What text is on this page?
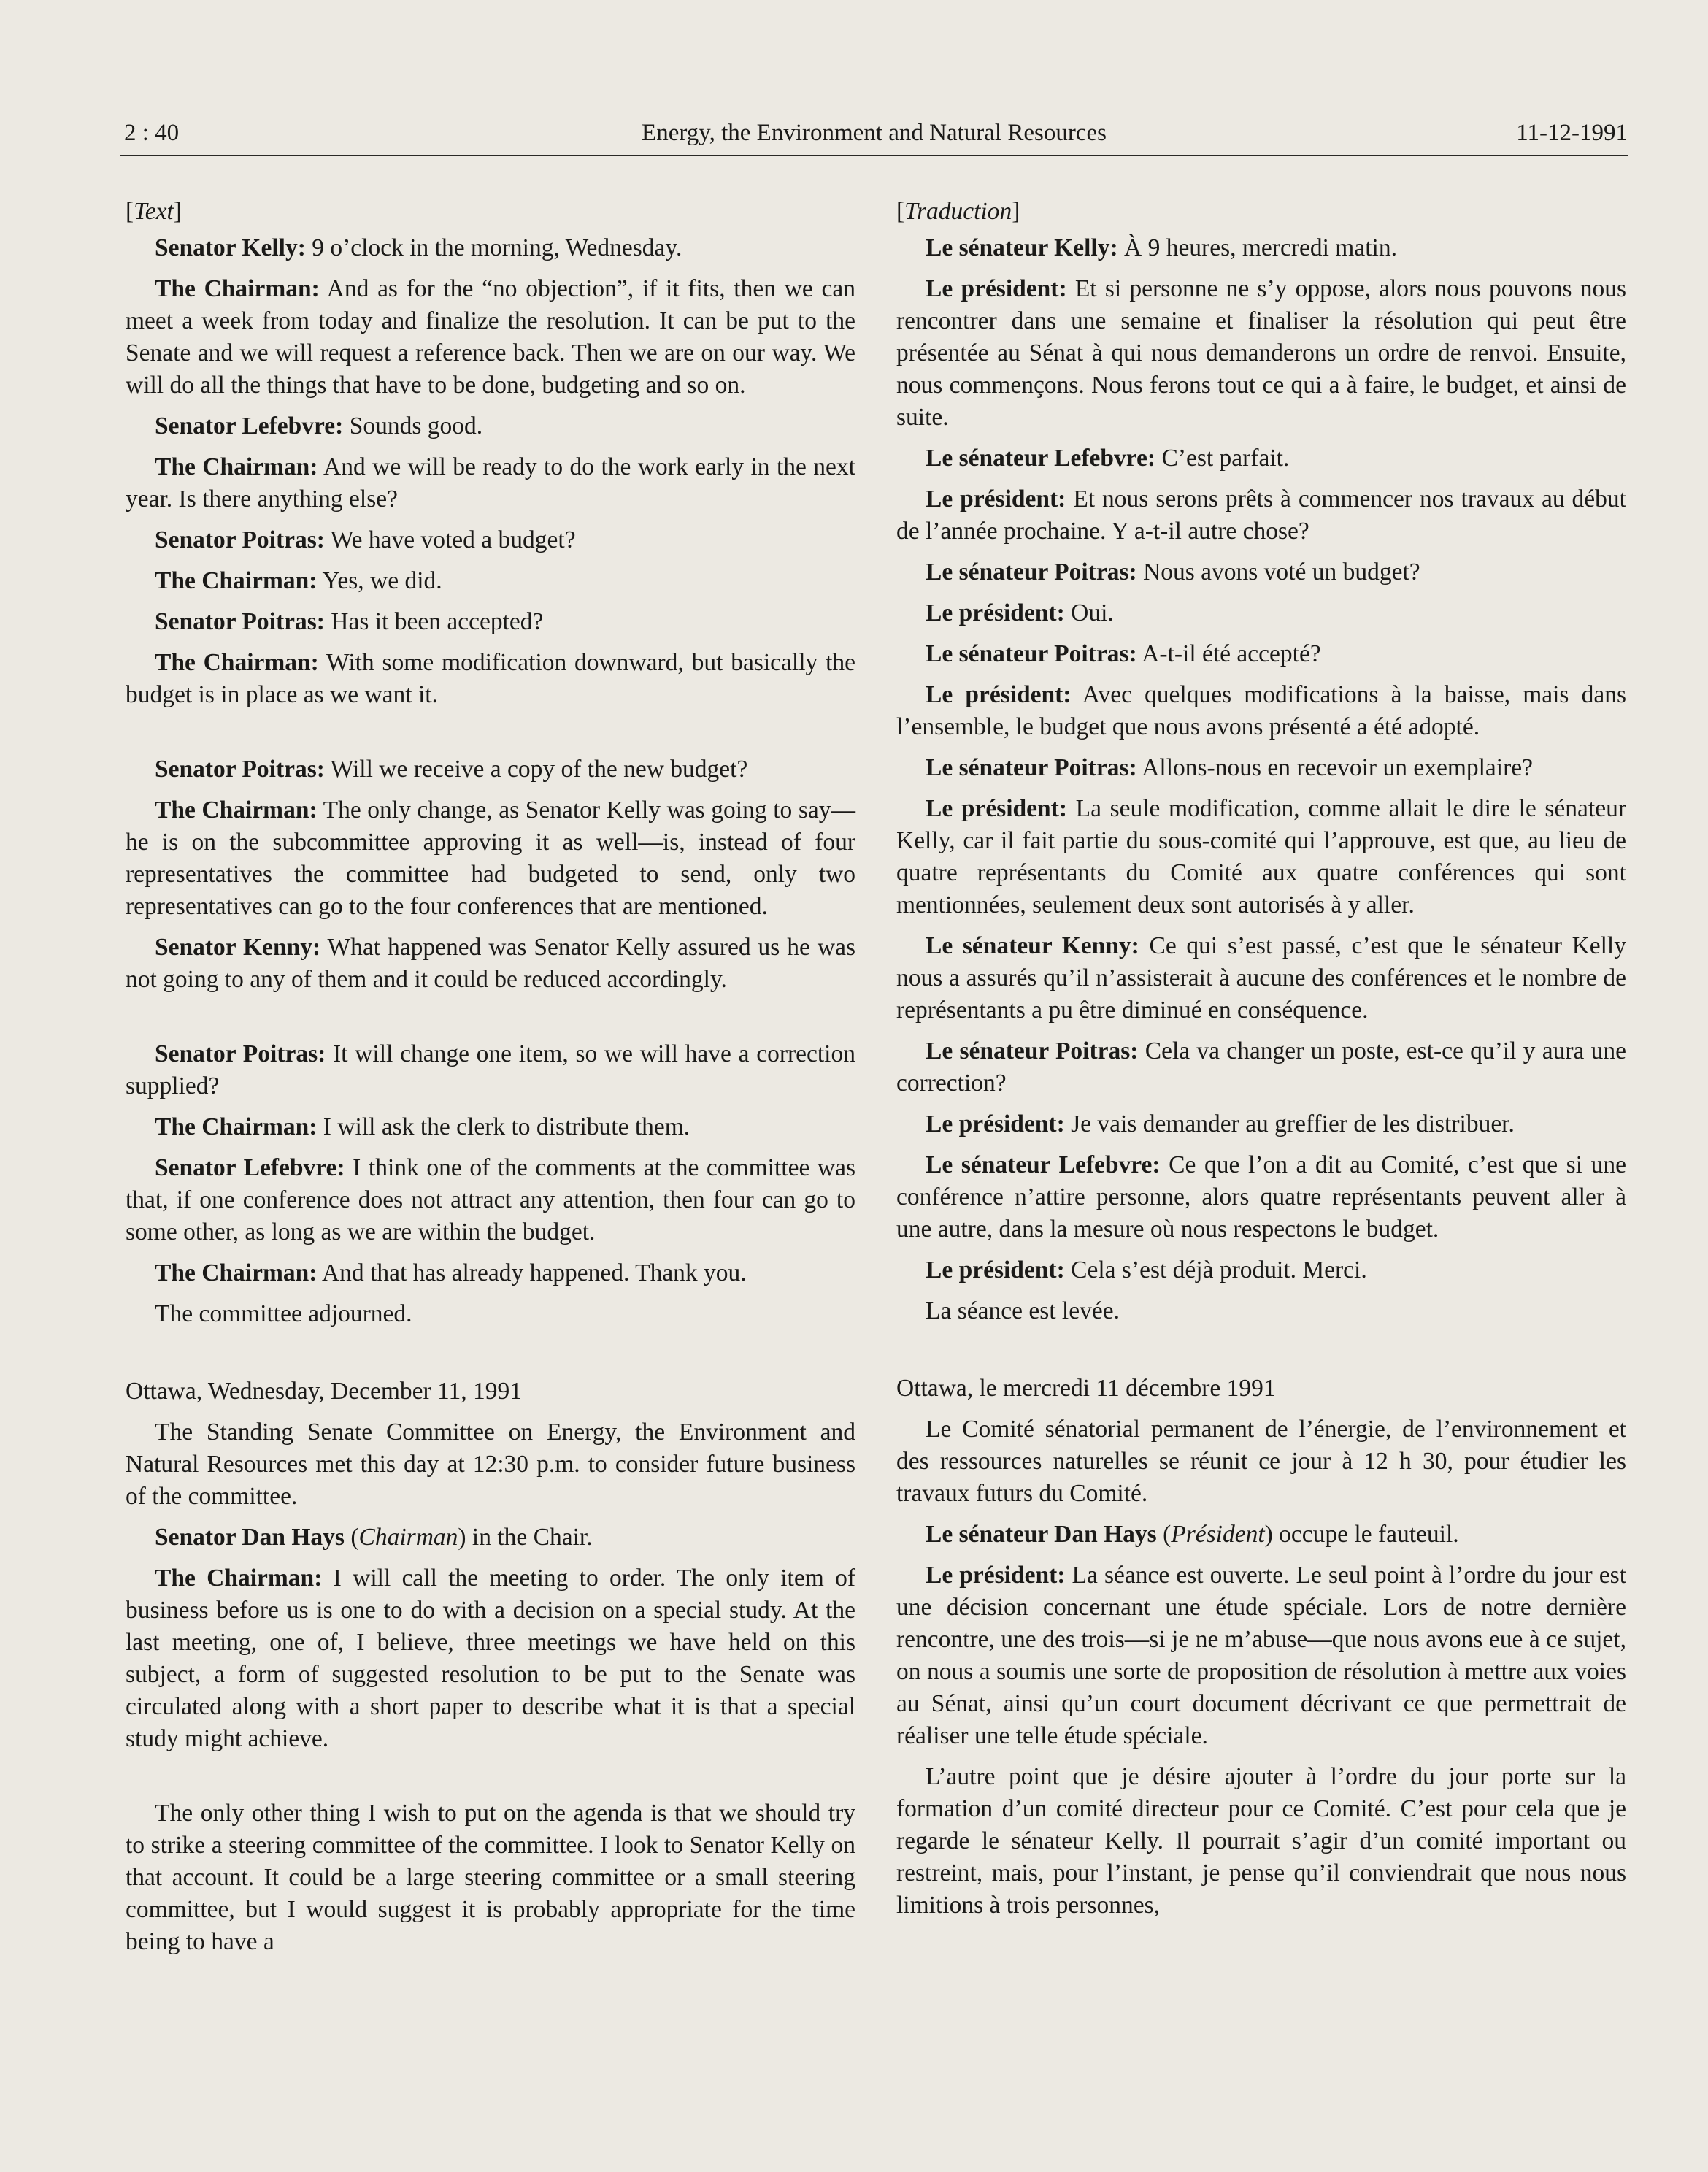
2 : 40	Energy, the Environment and Natural Resources	11-12-1991

[Text]

Senator Kelly: 9 o’clock in the morning, Wednesday.

The Chairman: And as for the “no objection”, if it fits, then we can meet a week from today and finalize the resolution. It can be put to the Senate and we will request a reference back. Then we are on our way. We will do all the things that have to be done, budgeting and so on.

Senator Lefebvre: Sounds good.

The Chairman: And we will be ready to do the work early in the next year. Is there anything else?

Senator Poitras: We have voted a budget?

The Chairman: Yes, we did.

Senator Poitras: Has it been accepted?

The Chairman: With some modification downward, but basically the budget is in place as we want it.

Senator Poitras: Will we receive a copy of the new budget?

The Chairman: The only change, as Senator Kelly was going to say—he is on the subcommittee approving it as well—is, instead of four representatives the committee had budgeted to send, only two representatives can go to the four conferences that are mentioned.

Senator Kenny: What happened was Senator Kelly assured us he was not going to any of them and it could be reduced accordingly.

Senator Poitras: It will change one item, so we will have a correction supplied?

The Chairman: I will ask the clerk to distribute them.

Senator Lefebvre: I think one of the comments at the committee was that, if one conference does not attract any attention, then four can go to some other, as long as we are within the budget.

The Chairman: And that has already happened. Thank you.

The committee adjourned.

Ottawa, Wednesday, December 11, 1991

The Standing Senate Committee on Energy, the Environment and Natural Resources met this day at 12:30 p.m. to consider future business of the committee.

Senator Dan Hays (Chairman) in the Chair.

The Chairman: I will call the meeting to order. The only item of business before us is one to do with a decision on a special study. At the last meeting, one of, I believe, three meetings we have held on this subject, a form of suggested resolution to be put to the Senate was circulated along with a short paper to describe what it is that a special study might achieve.

The only other thing I wish to put on the agenda is that we should try to strike a steering committee of the committee. I look to Senator Kelly on that account. It could be a large steering committee or a small steering committee, but I would suggest it is probably appropriate for the time being to have a

[Traduction]

Le sénateur Kelly: À 9 heures, mercredi matin.

Le président: Et si personne ne s’y oppose, alors nous pouvons nous rencontrer dans une semaine et finaliser la résolution qui peut être présentée au Sénat à qui nous demanderons un ordre de renvoi. Ensuite, nous commençons. Nous ferons tout ce qui a à faire, le budget, et ainsi de suite.

Le sénateur Lefebvre: C’est parfait.

Le président: Et nous serons prêts à commencer nos travaux au début de l’année prochaine. Y a-t-il autre chose?

Le sénateur Poitras: Nous avons voté un budget?

Le président: Oui.

Le sénateur Poitras: A-t-il été accepté?

Le président: Avec quelques modifications à la baisse, mais dans l’ensemble, le budget que nous avons présenté a été adopté.

Le sénateur Poitras: Allons-nous en recevoir un exemplaire?

Le président: La seule modification, comme allait le dire le sénateur Kelly, car il fait partie du sous-comité qui l’approuve, est que, au lieu de quatre représentants du Comité aux quatre conférences qui sont mentionnées, seulement deux sont autorisés à y aller.

Le sénateur Kenny: Ce qui s’est passé, c’est que le sénateur Kelly nous a assurés qu’il n’assisterait à aucune des conférences et le nombre de représentants a pu être diminué en conséquence.

Le sénateur Poitras: Cela va changer un poste, est-ce qu’il y aura une correction?

Le président: Je vais demander au greffier de les distribuer.

Le sénateur Lefebvre: Ce que l’on a dit au Comité, c’est que si une conférence n’attire personne, alors quatre représentants peuvent aller à une autre, dans la mesure où nous respectons le budget.

Le président: Cela s’est déjà produit. Merci.

La séance est levée.

Ottawa, le mercredi 11 décembre 1991

Le Comité sénatorial permanent de l’énergie, de l’environnement et des ressources naturelles se réunit ce jour à 12 h 30, pour étudier les travaux futurs du Comité.

Le sénateur Dan Hays (Président) occupe le fauteuil.

Le président: La séance est ouverte. Le seul point à l’ordre du jour est une décision concernant une étude spéciale. Lors de notre dernière rencontre, une des trois—si je ne m’abuse—que nous avons eue à ce sujet, on nous a soumis une sorte de proposition de résolution à mettre aux voies au Sénat, ainsi qu’un court document décrivant ce que permettrait de réaliser une telle étude spéciale.

L’autre point que je désire ajouter à l’ordre du jour porte sur la formation d’un comité directeur pour ce Comité. C’est pour cela que je regarde le sénateur Kelly. Il pourrait s’agir d’un comité important ou restreint, mais, pour l’instant, je pense qu’il conviendrait que nous nous limitions à trois personnes,
